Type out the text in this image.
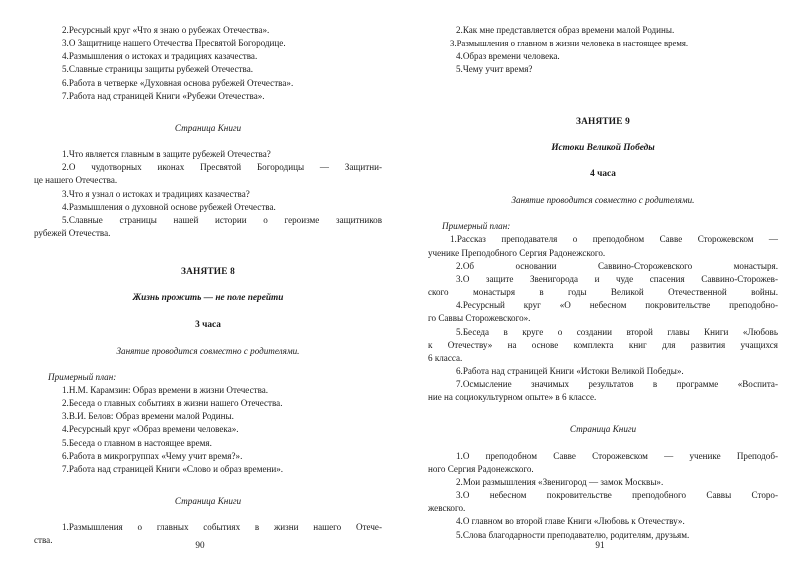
2.Ресурсный круг «Что я знаю о рубежах Отечества».
3.О Защитнице нашего Отечества Пресвятой Богородице.
4.Размышления о истоках и традициях казачества.
5.Славные страницы защиты рубежей Отечества.
6.Работа в четверке «Духовная основа рубежей Отечества».
7.Работа над страницей Книги «Рубежи Отечества».
Страница Книги
1.Что является главным в защите рубежей Отечества?
2.О чудотворных иконах Пресвятой Богородицы — Защитни-
це нашего Отечества.
3.Что я узнал о истоках и традициях казачества?
4.Размышления о духовной основе рубежей Отечества.
5.Славные страницы нашей истории о героизме защитников
рубежей Отечества.
ЗАНЯТИЕ 8
Жизнь прожить — не поле перейти
3 часа
Занятие проводится совместно с родителями.
Примерный план:
1.Н.М. Карамзин: Образ времени в жизни Отечества.
2.Беседа о главных событиях в жизни нашего Отечества.
3.В.И. Белов: Образ времени малой Родины.
4.Ресурсный круг «Образ времени человека».
5.Беседа о главном в настоящее время.
6.Работа в микрогруппах «Чему учит время?».
7.Работа над страницей Книги «Слово и образ времени».
Страница Книги
1.Размышления о главных событиях в жизни нашего Отече-
ства.	90
2.Как мне представляется образ времени малой Родины.
3.Размышления о главном в жизни человека в настоящее время.
4.Образ времени человека.
5.Чему учит время?
ЗАНЯТИЕ 9
Истоки Великой Победы
4 часа
Занятие проводится совместно с родителями.
Примерный план:
1.Рассказ преподавателя о преподобном Савве Сторожевском —
ученике Преподобного Сергия Радонежского.
2.Об основании Саввино-Сторожевского монастыря.
3.О защите Звенигорода и чуде спасения Саввино-Сторожев-
ского монастыря в годы Великой Отечественной войны.
4.Ресурсный круг «О небесном покровительстве преподобно-
го Саввы Сторожевского».
5.Беседа в круге о создании второй главы Книги «Любовь
к Отечеству» на основе комплекта книг для развития учащихся
6 класса.
6.Работа над страницей Книги «Истоки Великой Победы».
7.Осмысление значимых результатов в программе «Воспита-
ние на социокультурном опыте» в 6 классе.
Страница Книги
1.О преподобном Савве Сторожевском — ученике Преподоб-
ного Сергия Радонежского.
2.Мои размышления «Звенигород — замок Москвы».
3.О небесном покровительстве преподобного Саввы Сторо-
жевского.
4.О главном во второй главе Книги «Любовь к Отечеству».
5.Слова благодарности преподавателю, родителям, друзьям.
91
